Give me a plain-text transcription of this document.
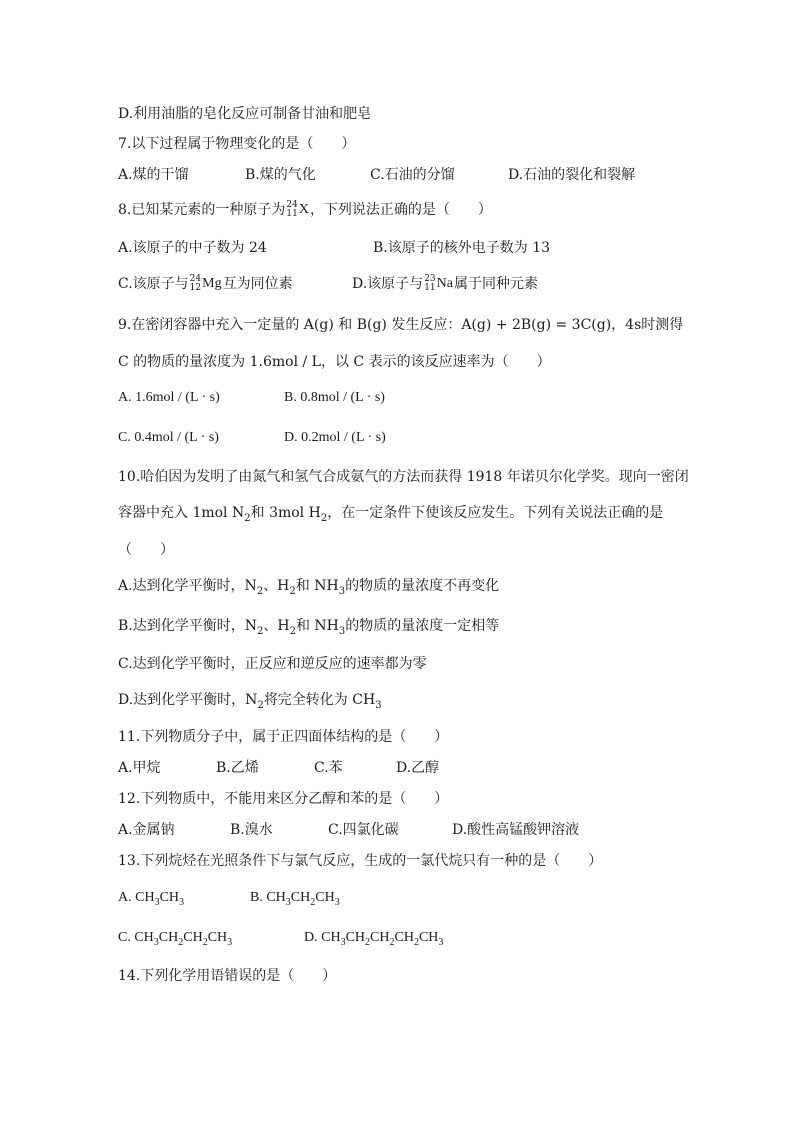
D.利用油脂的皂化反应可制备甘油和肥皂
7.以下过程属于物理变化的是（　　）
A.煤的干馏	B.煤的气化	C.石油的分馏	D.石油的裂化和裂解
8.已知某元素的一种原子为 24
11 X ，下列说法正确的是（　　）
A.该原子的中子数为 24	B.该原子的核外电子数为 13
C.该原子与 24
12 Mg 互为同位素	D.该原子与 23
11 Na 属于同种元素
9.在密闭容器中充入一定量的 A(g) 和 B(g) 发生反应：A(g) + 2B(g) = 3C(g)，4s时测得
C 的物质的量浓度为 1.6mol / L，以 C 表示的该反应速率为（　　）
A. 1.6mol / (L · s)	B. 0.8mol / (L · s)
C. 0.4mol / (L · s)	D. 0.2mol / (L · s)
10.哈伯因为发明了由氮气和氢气合成氨气的方法而获得 1918 年诺贝尔化学奖。现向一密闭
容器中充入 1mol $N_2$和 3mol $H_2$，在一定条件下使该反应发生。下列有关说法正确的是
（　　）
A.达到化学平衡时，$N_2$、$H_2$和 $NH_3$的物质的量浓度不再变化
B.达到化学平衡时，$N_2$、$H_2$和 $NH_3$的物质的量浓度一定相等
C.达到化学平衡时，正反应和逆反应的速率都为零
D.达到化学平衡时，$N_2$将完全转化为 $CH_3$
11.下列物质分子中，属于正四面体结构的是（　　）
A.甲烷	B.乙烯	C.苯	D.乙醇
12.下列物质中，不能用来区分乙醇和苯的是（　　）
A.金属钠	B.溴水	C.四氯化碳	D.酸性高锰酸钾溶液
13.下列烷烃在光照条件下与氯气反应，生成的一氯代烷只有一种的是（　　）
A. $CH_3CH_3$	B. $CH_3CH_2CH_3$
C. $CH_3CH_2CH_2CH_3$	D. $CH_3CH_2CH_2CH_2CH_3$
14.下列化学用语错误的是（　　）
